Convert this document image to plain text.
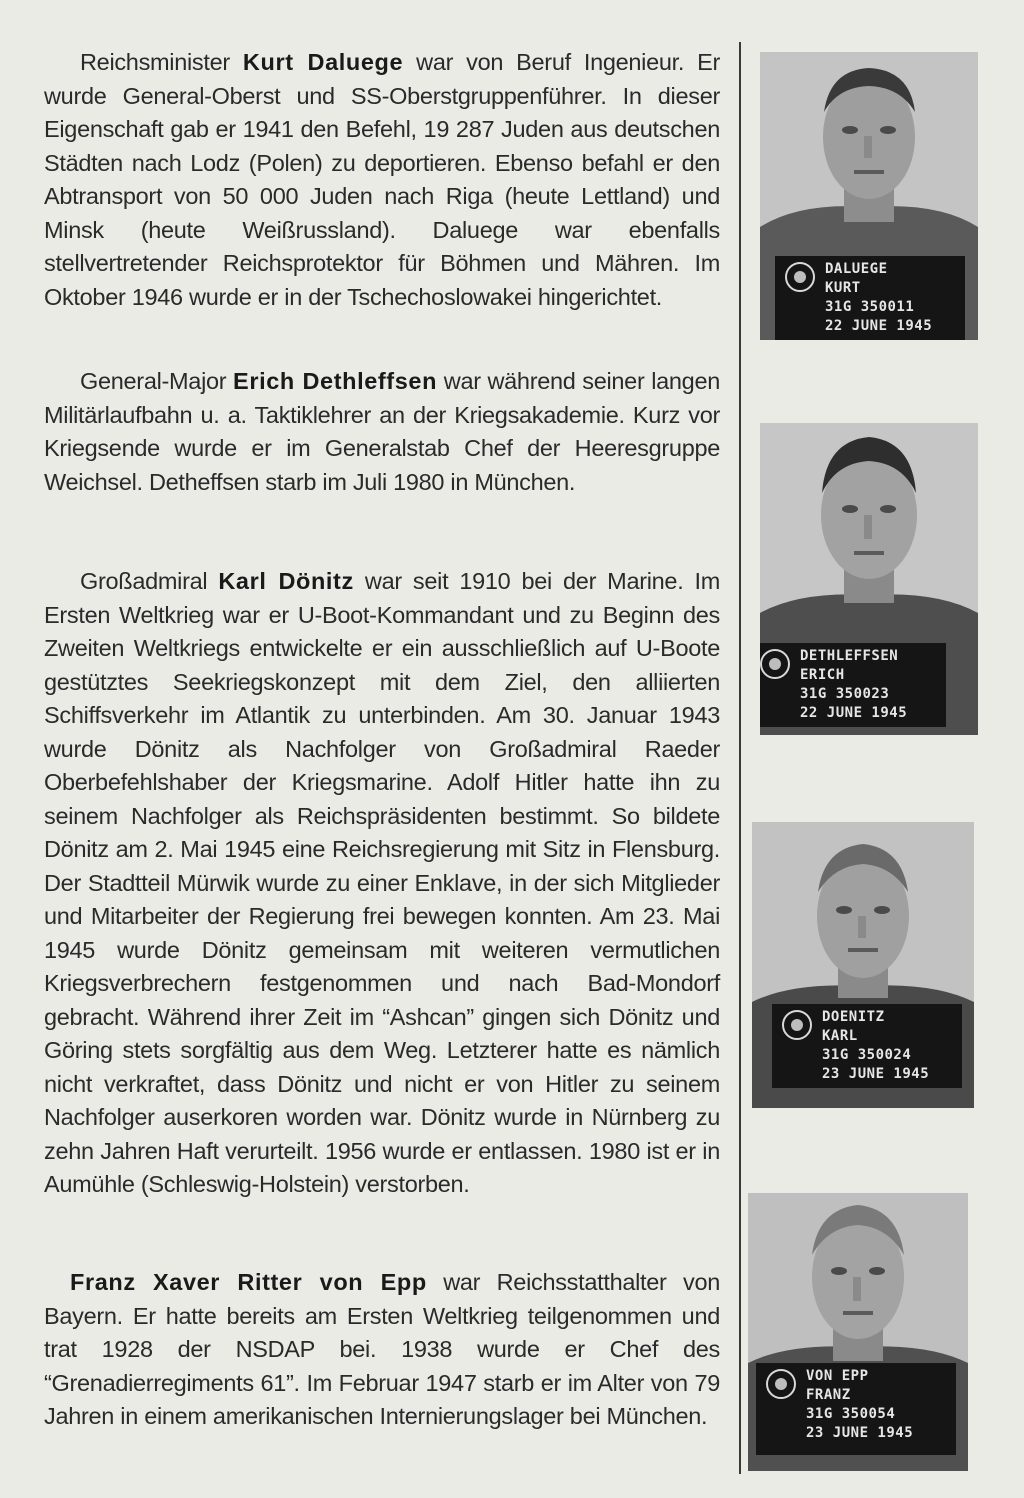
Reichsminister Kurt Daluege war von Beruf Ingenieur. Er wurde General-Oberst und SS-Oberstgruppenführer. In dieser Eigenschaft gab er 1941 den Befehl, 19 287 Juden aus deutschen Städten nach Lodz (Polen) zu deportieren. Ebenso befahl er den Abtransport von 50 000 Juden nach Riga (heute Lettland) und Minsk (heute Weißrussland). Daluege war ebenfalls stellvertretender Reichsprotektor für Böhmen und Mähren. Im Oktober 1946 wurde er in der Tschechoslowakei hingerichtet.

General-Major Erich Dethleffsen war während seiner langen Militärlaufbahn u. a. Taktiklehrer an der Kriegsakademie. Kurz vor Kriegsende wurde er im Generalstab Chef der Heeresgruppe Weichsel. Detheffsen starb im Juli 1980 in München.

Großadmiral Karl Dönitz war seit 1910 bei der Marine. Im Ersten Weltkrieg war er U-Boot-Kommandant und zu Beginn des Zweiten Weltkriegs entwickelte er ein ausschließlich auf U-Boote gestütztes Seekriegskonzept mit dem Ziel, den alliierten Schiffsverkehr im Atlantik zu unterbinden. Am 30. Januar 1943 wurde Dönitz als Nachfolger von Großadmiral Raeder Oberbefehlshaber der Kriegsmarine. Adolf Hitler hatte ihn zu seinem Nachfolger als Reichspräsidenten bestimmt. So bildete Dönitz am 2. Mai 1945 eine Reichsregierung mit Sitz in Flensburg. Der Stadtteil Mürwik wurde zu einer Enklave, in der sich Mitglieder und Mitarbeiter der Regierung frei bewegen konnten. Am 23. Mai 1945 wurde Dönitz gemeinsam mit weiteren vermutlichen Kriegsverbrechern festgenommen und nach Bad-Mondorf gebracht. Während ihrer Zeit im “Ashcan” gingen sich Dönitz und Göring stets sorgfältig aus dem Weg. Letzterer hatte es nämlich nicht verkraftet, dass Dönitz und nicht er von Hitler zu seinem Nachfolger auserkoren worden war. Dönitz wurde in Nürnberg zu zehn Jahren Haft verurteilt. 1956 wurde er entlassen. 1980 ist er in Aumühle (Schleswig-Holstein) verstorben.

Franz Xaver Ritter von Epp war Reichsstatthalter von Bayern. Er hatte bereits am Ersten Weltkrieg teilgenommen und trat 1928 der NSDAP bei. 1938 wurde er Chef des “Grenadierregiments 61”. Im Februar 1947 starb er im Alter von 79 Jahren in einem amerikanischen Internierungslager bei München.

DALUEGE
KURT
31G 350011
22 JUNE 1945
DETHLEFFSEN
ERICH
31G 350023
22 JUNE 1945
DOENITZ
KARL
31G 350024
23 JUNE 1945
VON EPP
FRANZ
31G 350054
23 JUNE 1945
